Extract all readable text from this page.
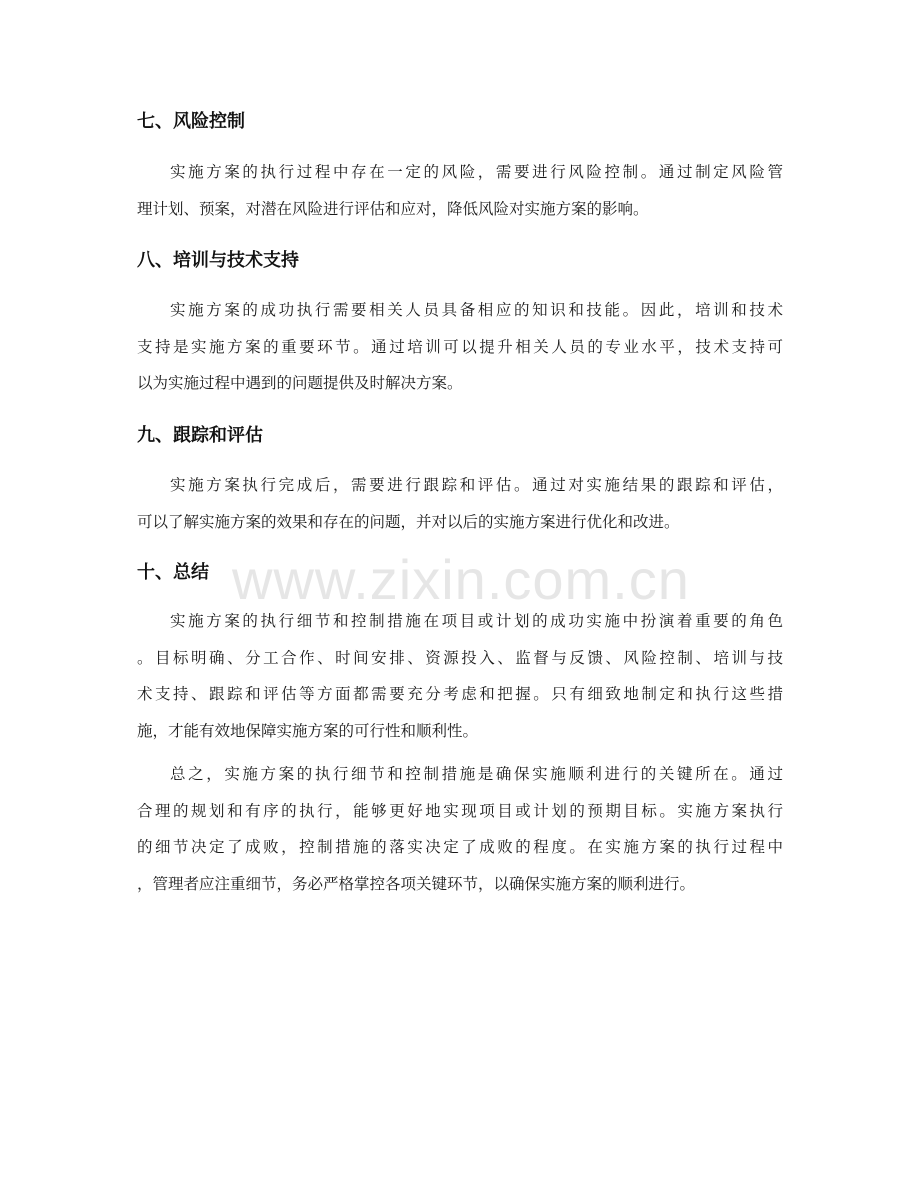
七、风险控制
实施方案的执行过程中存在一定的风险，需要进行风险控制。通过制定风险管
理计划、预案，对潜在风险进行评估和应对，降低风险对实施方案的影响。
八、培训与技术支持
实施方案的成功执行需要相关人员具备相应的知识和技能。因此，培训和技术
支持是实施方案的重要环节。通过培训可以提升相关人员的专业水平，技术支持可
以为实施过程中遇到的问题提供及时解决方案。
九、跟踪和评估
实施方案执行完成后，需要进行跟踪和评估。通过对实施结果的跟踪和评估，
可以了解实施方案的效果和存在的问题，并对以后的实施方案进行优化和改进。
十、总结
实施方案的执行细节和控制措施在项目或计划的成功实施中扮演着重要的角色
。目标明确、分工合作、时间安排、资源投入、监督与反馈、风险控制、培训与技
术支持、跟踪和评估等方面都需要充分考虑和把握。只有细致地制定和执行这些措
施，才能有效地保障实施方案的可行性和顺利性。
总之，实施方案的执行细节和控制措施是确保实施顺利进行的关键所在。通过
合理的规划和有序的执行，能够更好地实现项目或计划的预期目标。实施方案执行
的细节决定了成败，控制措施的落实决定了成败的程度。在实施方案的执行过程中
，管理者应注重细节，务必严格掌控各项关键环节，以确保实施方案的顺利进行。
www.zixin.com.cn
